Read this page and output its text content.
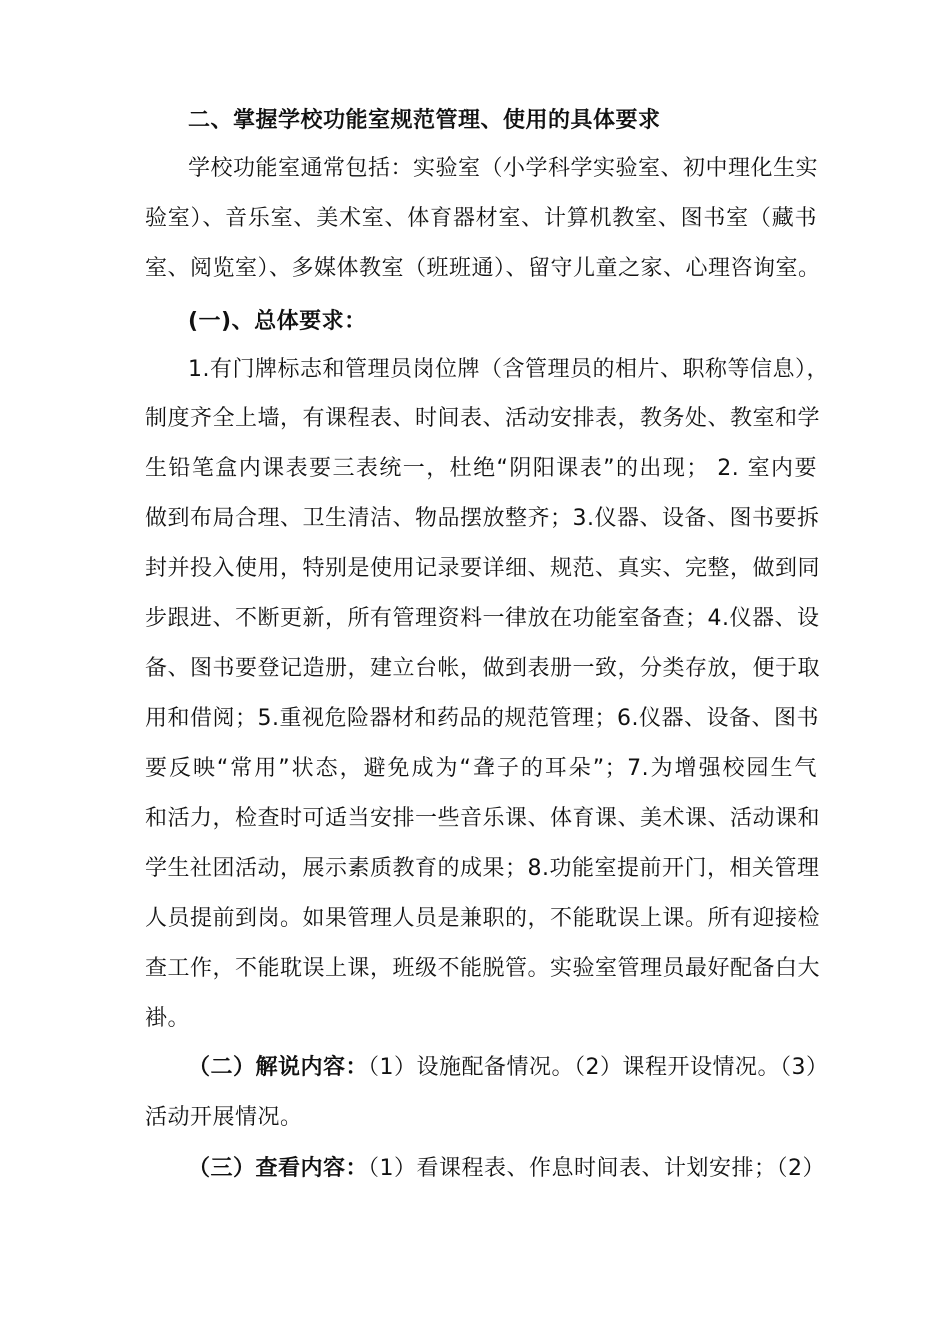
二、掌握学校功能室规范管理、使用的具体要求
学校功能室通常包括：实验室（小学科学实验室、初中理化生实
验室）、音乐室、美术室、体育器材室、计算机教室、图书室（藏书
室、阅览室）、多媒体教室（班班通）、留守儿童之家、心理咨询室。
(一)、总体要求：
1.有门牌标志和管理员岗位牌（含管理员的相片、职称等信息），
制度齐全上墙，有课程表、时间表、活动安排表，教务处、教室和学
生铅笔盒内课表要三表统一，杜绝“阴阳课表”的出现； 2. 室内要
做到布局合理、卫生清洁、物品摆放整齐；3.仪器、设备、图书要拆
封并投入使用，特别是使用记录要详细、规范、真实、完整，做到同
步跟进、不断更新，所有管理资料一律放在功能室备查；4.仪器、设
备、图书要登记造册，建立台帐，做到表册一致，分类存放，便于取
用和借阅；5.重视危险器材和药品的规范管理；6.仪器、设备、图书
要反映“常用”状态，避免成为“聋子的耳朵”；7.为增强校园生气
和活力，检查时可适当安排一些音乐课、体育课、美术课、活动课和
学生社团活动，展示素质教育的成果；8.功能室提前开门，相关管理
人员提前到岗。如果管理人员是兼职的，不能耽误上课。所有迎接检
查工作，不能耽误上课，班级不能脱管。实验室管理员最好配备白大
褂。
（二）解说内容：（1）设施配备情况。（2）课程开设情况。（3）
活动开展情况。
（三）查看内容：（1）看课程表、作息时间表、计划安排；（2）
